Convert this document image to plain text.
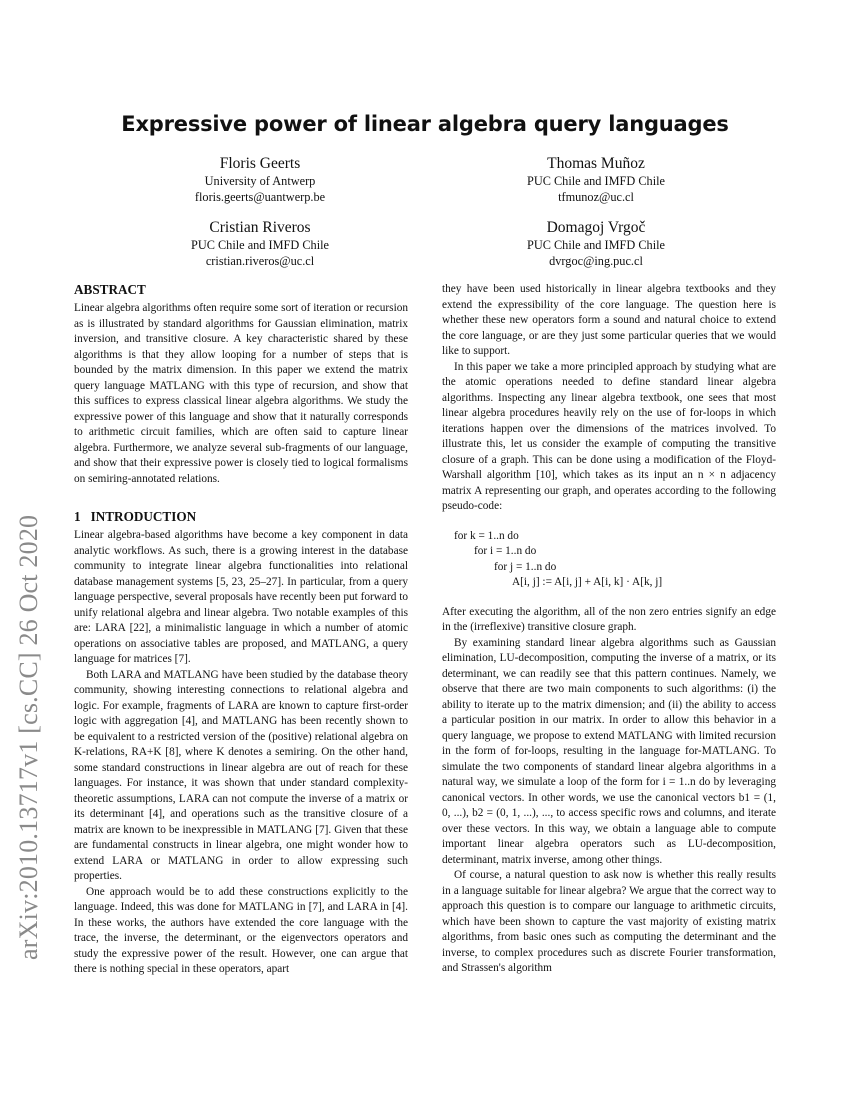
arXiv:2010.13717v1 [cs.CC] 26 Oct 2020
Expressive power of linear algebra query languages
Floris Geerts
University of Antwerp
floris.geerts@uantwerp.be
Thomas Muñoz
PUC Chile and IMFD Chile
tfmunoz@uc.cl
Cristian Riveros
PUC Chile and IMFD Chile
cristian.riveros@uc.cl
Domagoj Vrgoč
PUC Chile and IMFD Chile
dvrgoc@ing.puc.cl
ABSTRACT

Linear algebra algorithms often require some sort of iteration or recursion as is illustrated by standard algorithms for Gaussian elimination, matrix inversion, and transitive closure. A key characteristic shared by these algorithms is that they allow looping for a number of steps that is bounded by the matrix dimension. In this paper we extend the matrix query language MATLANG with this type of recursion, and show that this suffices to express classical linear algebra algorithms. We study the expressive power of this language and show that it naturally corresponds to arithmetic circuit families, which are often said to capture linear algebra. Furthermore, we analyze several sub-fragments of our language, and show that their expressive power is closely tied to logical formalisms on semiring-annotated relations.

1 INTRODUCTION

Linear algebra-based algorithms have become a key component in data analytic workflows. As such, there is a growing interest in the database community to integrate linear algebra functionalities into relational database management systems [5, 23, 25–27]. In particular, from a query language perspective, several proposals have recently been put forward to unify relational algebra and linear algebra. Two notable examples of this are: LARA [22], a minimalistic language in which a number of atomic operations on associative tables are proposed, and MATLANG, a query language for matrices [7].

Both LARA and MATLANG have been studied by the database theory community, showing interesting connections to relational algebra and logic. For example, fragments of LARA are known to capture first-order logic with aggregation [4], and MATLANG has been recently shown to be equivalent to a restricted version of the (positive) relational algebra on K-relations, RA+K [8], where K denotes a semiring. On the other hand, some standard constructions in linear algebra are out of reach for these languages. For instance, it was shown that under standard complexity-theoretic assumptions, LARA can not compute the inverse of a matrix or its determinant [4], and operations such as the transitive closure of a matrix are known to be inexpressible in MATLANG [7]. Given that these are fundamental constructs in linear algebra, one might wonder how to extend LARA or MATLANG in order to allow expressing such properties.

One approach would be to add these constructions explicitly to the language. Indeed, this was done for MATLANG in [7], and LARA in [4]. In these works, the authors have extended the core language with the trace, the inverse, the determinant, or the eigenvectors operators and study the expressive power of the result. However, one can argue that there is nothing special in these operators, apart

they have been used historically in linear algebra textbooks and they extend the expressibility of the core language. The question here is whether these new operators form a sound and natural choice to extend the core language, or are they just some particular queries that we would like to support.

In this paper we take a more principled approach by studying what are the atomic operations needed to define standard linear algebra algorithms. Inspecting any linear algebra textbook, one sees that most linear algebra procedures heavily rely on the use of for-loops in which iterations happen over the dimensions of the matrices involved. To illustrate this, let us consider the example of computing the transitive closure of a graph. This can be done using a modification of the Floyd-Warshall algorithm [10], which takes as its input an n × n adjacency matrix A representing our graph, and operates according to the following pseudo-code:

for k = 1..n do
for i = 1..n do
for j = 1..n do
A[i, j] := A[i, j] + A[i, k] · A[k, j]

After executing the algorithm, all of the non zero entries signify an edge in the (irreflexive) transitive closure graph.

By examining standard linear algebra algorithms such as Gaussian elimination, LU-decomposition, computing the inverse of a matrix, or its determinant, we can readily see that this pattern continues. Namely, we observe that there are two main components to such algorithms: (i) the ability to iterate up to the matrix dimension; and (ii) the ability to access a particular position in our matrix. In order to allow this behavior in a query language, we propose to extend MATLANG with limited recursion in the form of for-loops, resulting in the language for-MATLANG. To simulate the two components of standard linear algebra algorithms in a natural way, we simulate a loop of the form for i = 1..n do by leveraging canonical vectors. In other words, we use the canonical vectors b1 = (1, 0, ...), b2 = (0, 1, ...), ..., to access specific rows and columns, and iterate over these vectors. In this way, we obtain a language able to compute important linear algebra operators such as LU-decomposition, determinant, matrix inverse, among other things.

Of course, a natural question to ask now is whether this really results in a language suitable for linear algebra? We argue that the correct way to approach this question is to compare our language to arithmetic circuits, which have been shown to capture the vast majority of existing matrix algorithms, from basic ones such as computing the determinant and the inverse, to complex procedures such as discrete Fourier transformation, and Strassen's algorithm
